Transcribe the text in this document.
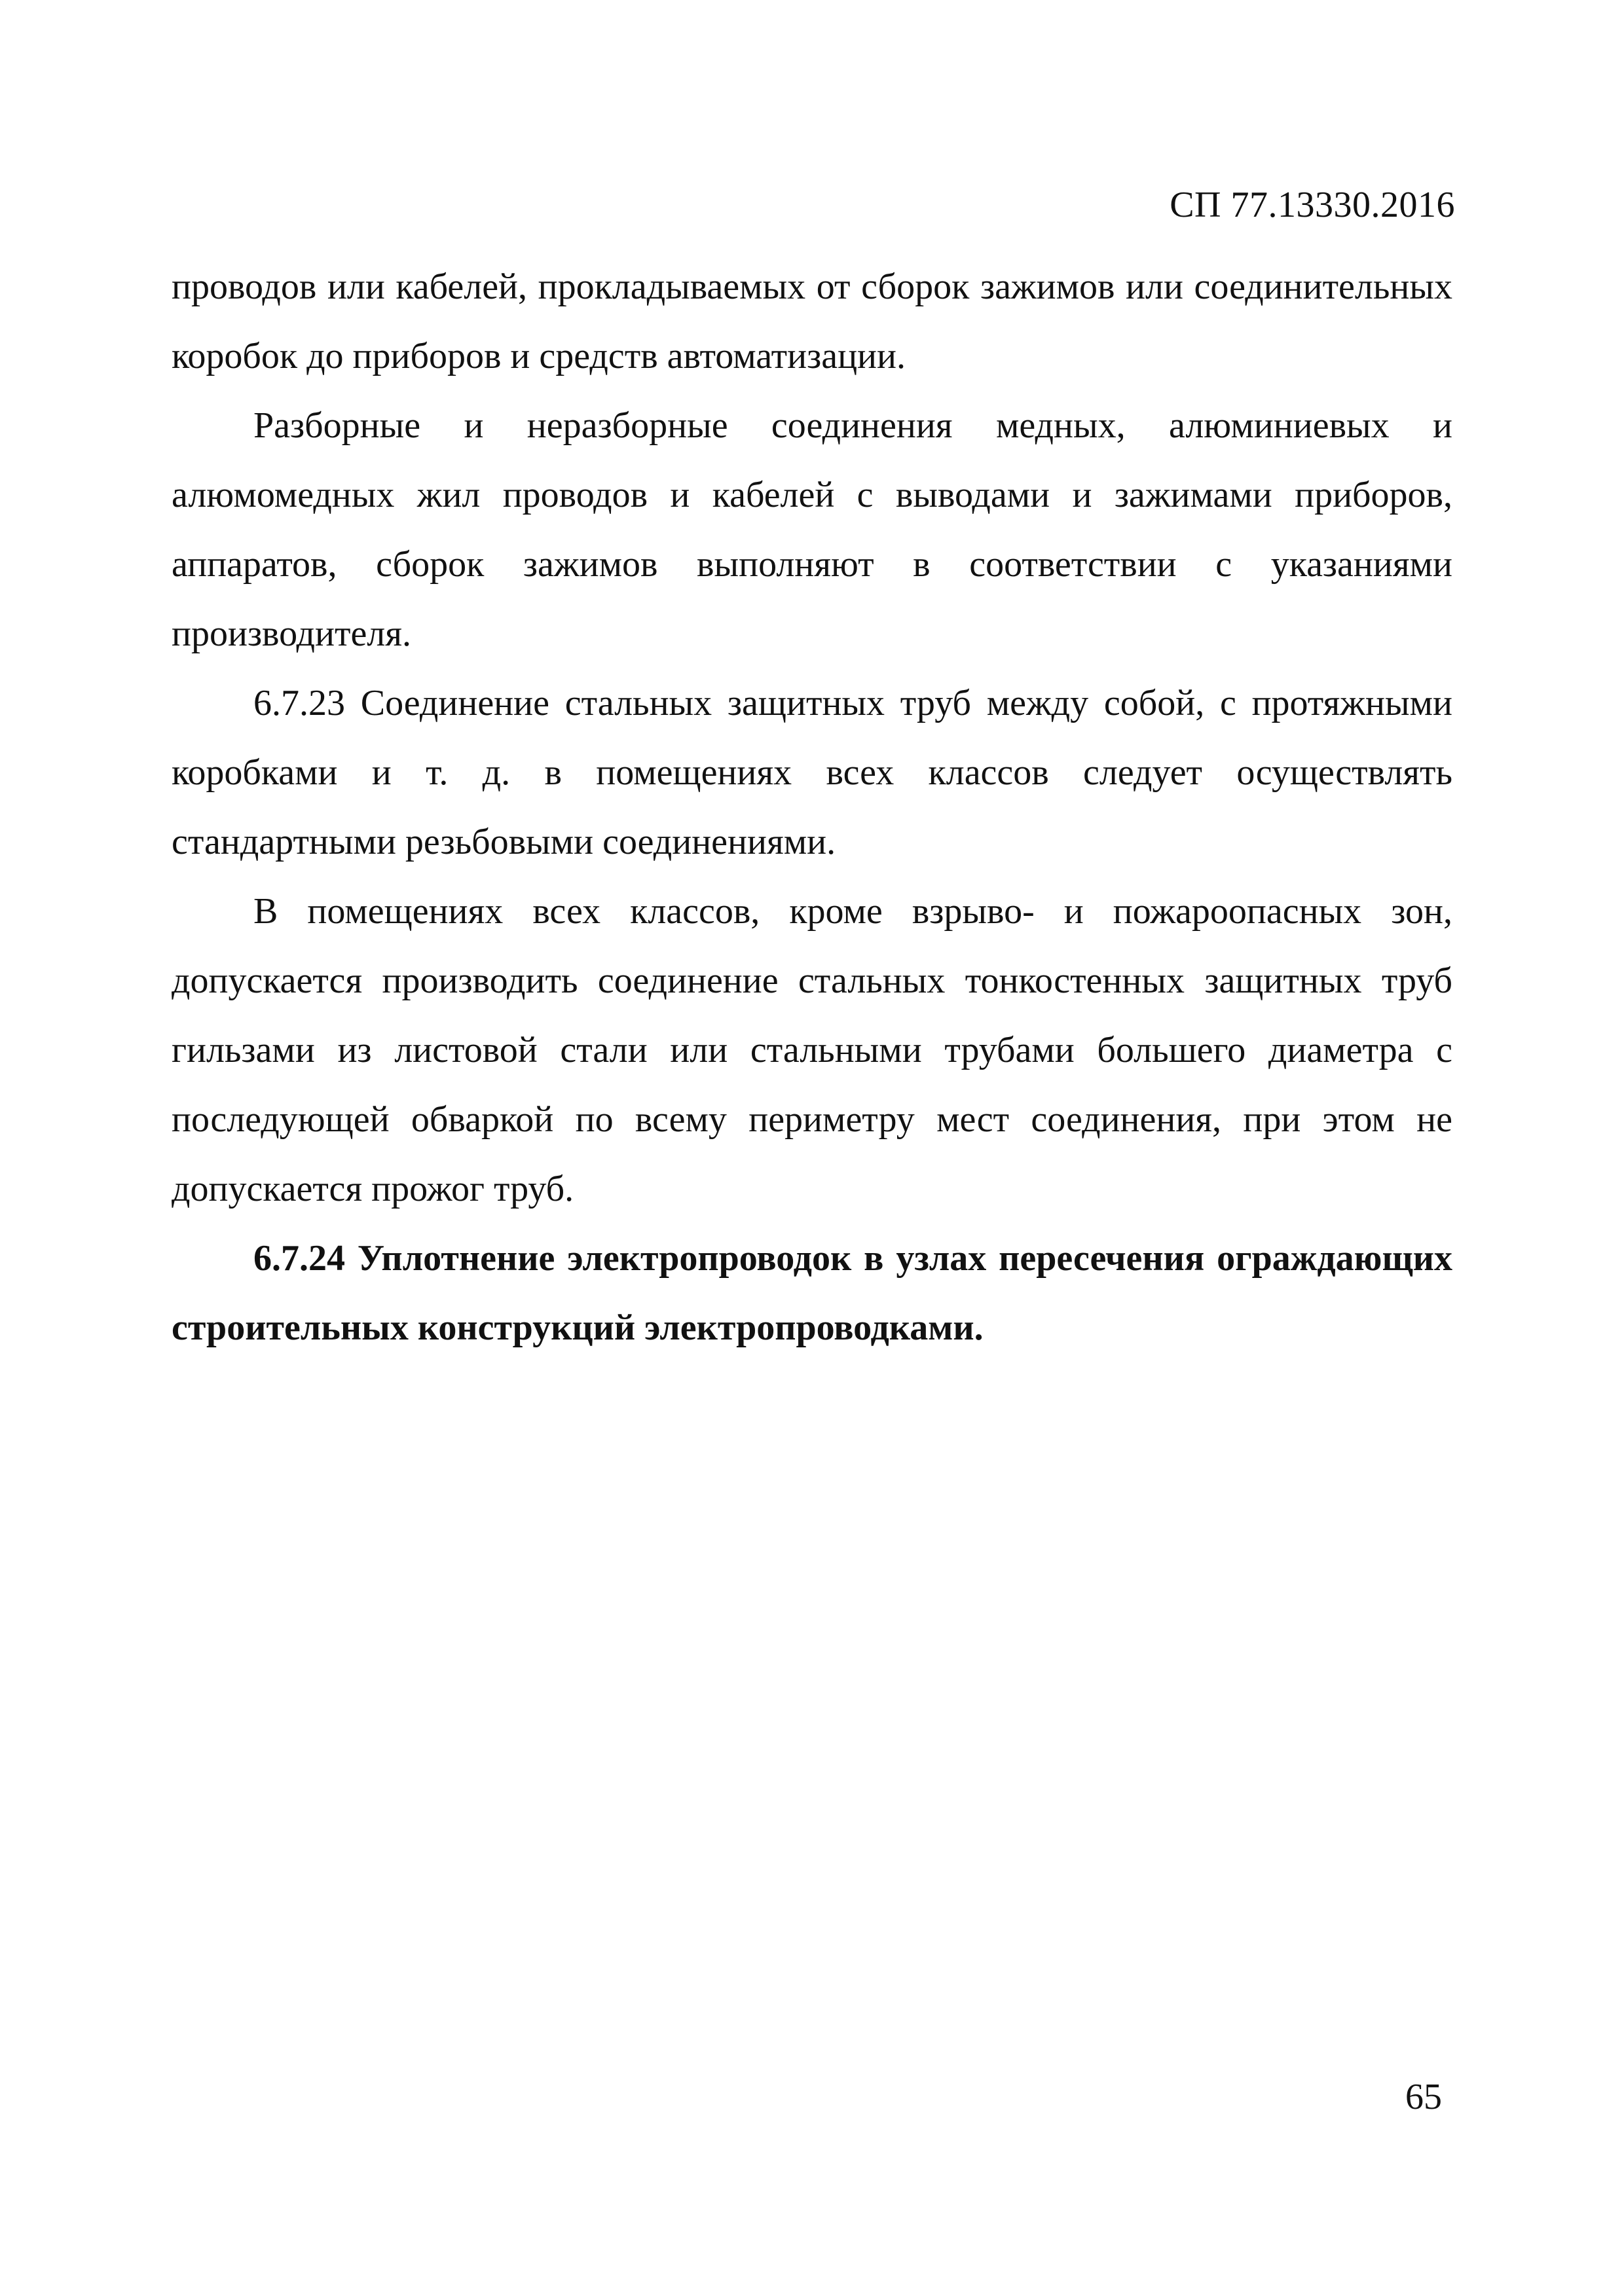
СП 77.13330.2016

проводов или кабелей, прокладываемых от сборок зажимов или соединительных коробок до приборов и средств автоматизации.

Разборные и неразборные соединения медных, алюминиевых и алюмомедных жил проводов и кабелей с выводами и зажимами приборов, аппаратов, сборок зажимов выполняют в соответствии с указаниями производителя.

6.7.23 Соединение стальных защитных труб между собой, с протяжными коробками и т. д. в помещениях всех классов следует осуществлять стандартными резьбовыми соединениями.

В помещениях всех классов, кроме взрыво- и пожароопасных зон, допускается производить соединение стальных тонкостенных защитных труб гильзами из листовой стали или стальными трубами большего диаметра с последующей обваркой по всему периметру мест соединения, при этом не допускается прожог труб.

6.7.24 Уплотнение электропроводок в узлах пересечения ограждающих строительных конструкций электропроводками.

65
